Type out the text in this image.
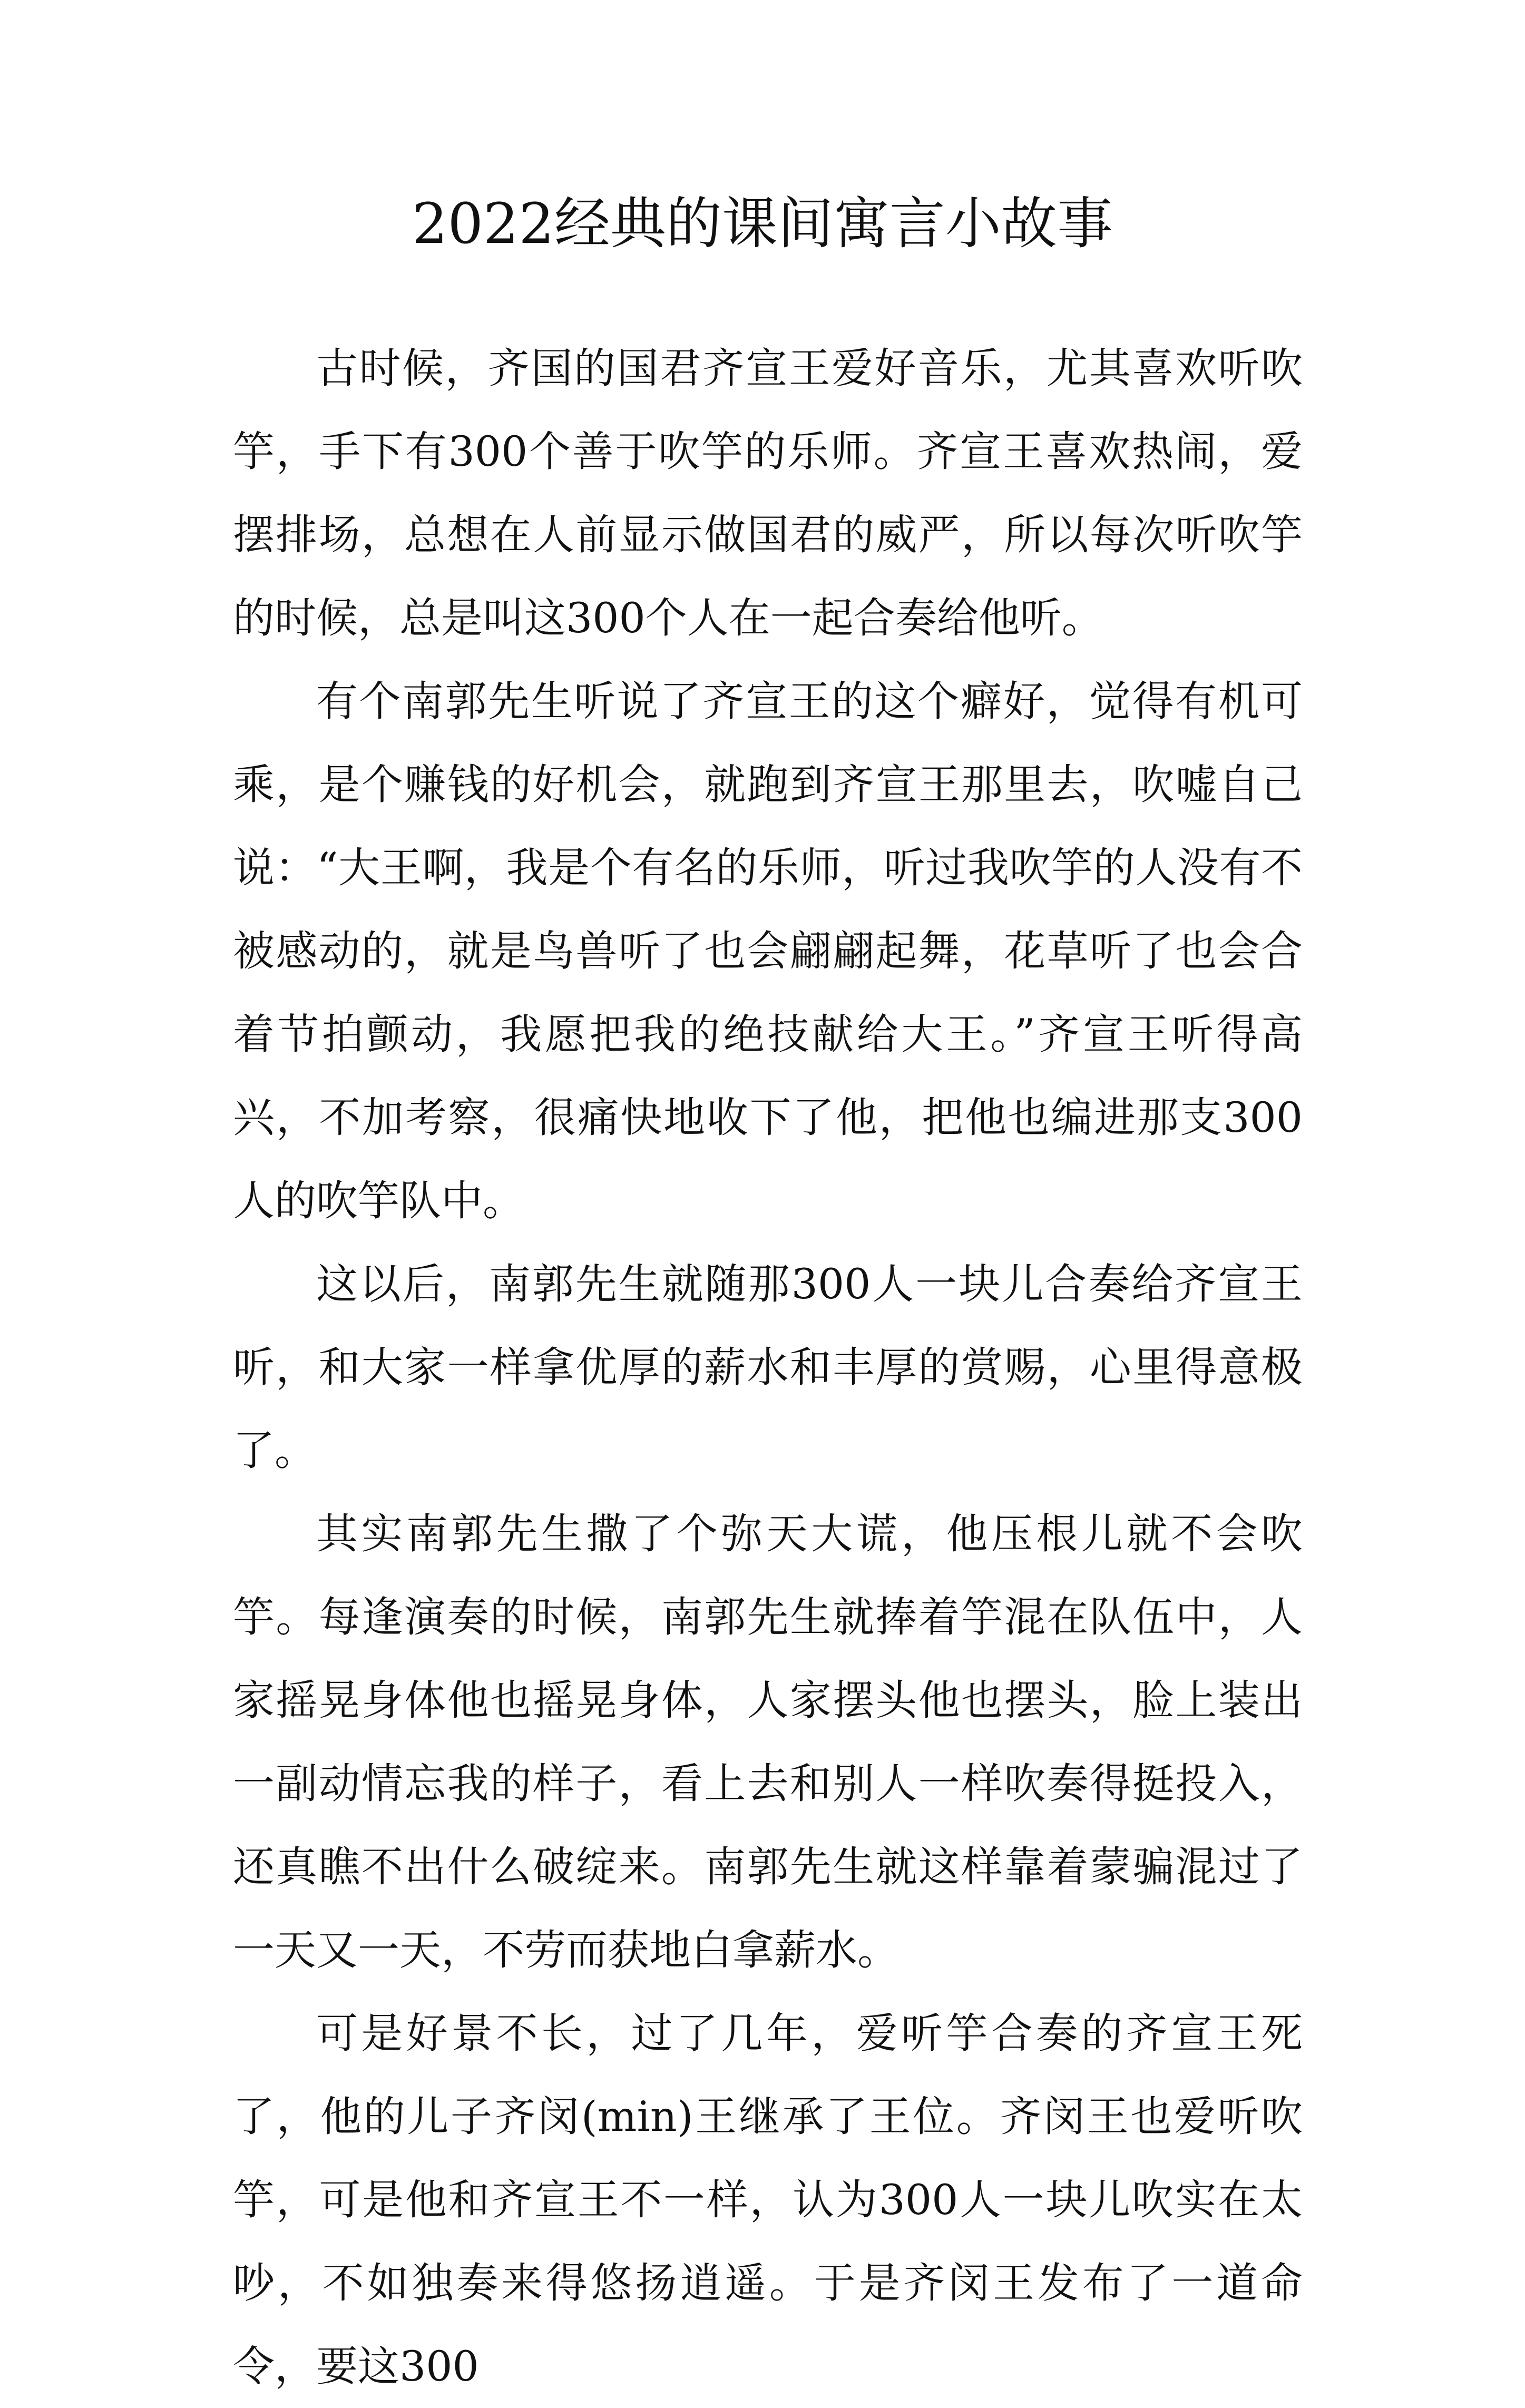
2022经典的课间寓言小故事

古时候，齐国的国君齐宣王爱好音乐，尤其喜欢听吹竽，手下有300个善于吹竽的乐师。齐宣王喜欢热闹，爱摆排场，总想在人前显示做国君的威严，所以每次听吹竽的时候，总是叫这300个人在一起合奏给他听。

有个南郭先生听说了齐宣王的这个癖好，觉得有机可乘，是个赚钱的好机会，就跑到齐宣王那里去，吹嘘自己说：“大王啊，我是个有名的乐师，听过我吹竽的人没有不被感动的，就是鸟兽听了也会翩翩起舞，花草听了也会合着节拍颤动，我愿把我的绝技献给大王。”齐宣王听得高兴，不加考察，很痛快地收下了他，把他也编进那支300人的吹竽队中。

这以后，南郭先生就随那300人一块儿合奏给齐宣王听，和大家一样拿优厚的薪水和丰厚的赏赐，心里得意极了。

其实南郭先生撒了个弥天大谎，他压根儿就不会吹竽。每逢演奏的时候，南郭先生就捧着竽混在队伍中，人家摇晃身体他也摇晃身体，人家摆头他也摆头，脸上装出一副动情忘我的样子，看上去和别人一样吹奏得挺投入，还真瞧不出什么破绽来。南郭先生就这样靠着蒙骗混过了一天又一天，不劳而获地白拿薪水。

可是好景不长，过了几年，爱听竽合奏的齐宣王死了，他的儿子齐闵(min)王继承了王位。齐闵王也爱听吹竽，可是他和齐宣王不一样，认为300人一块儿吹实在太吵，不如独奏来得悠扬逍遥。于是齐闵王发布了一道命令，要这300
